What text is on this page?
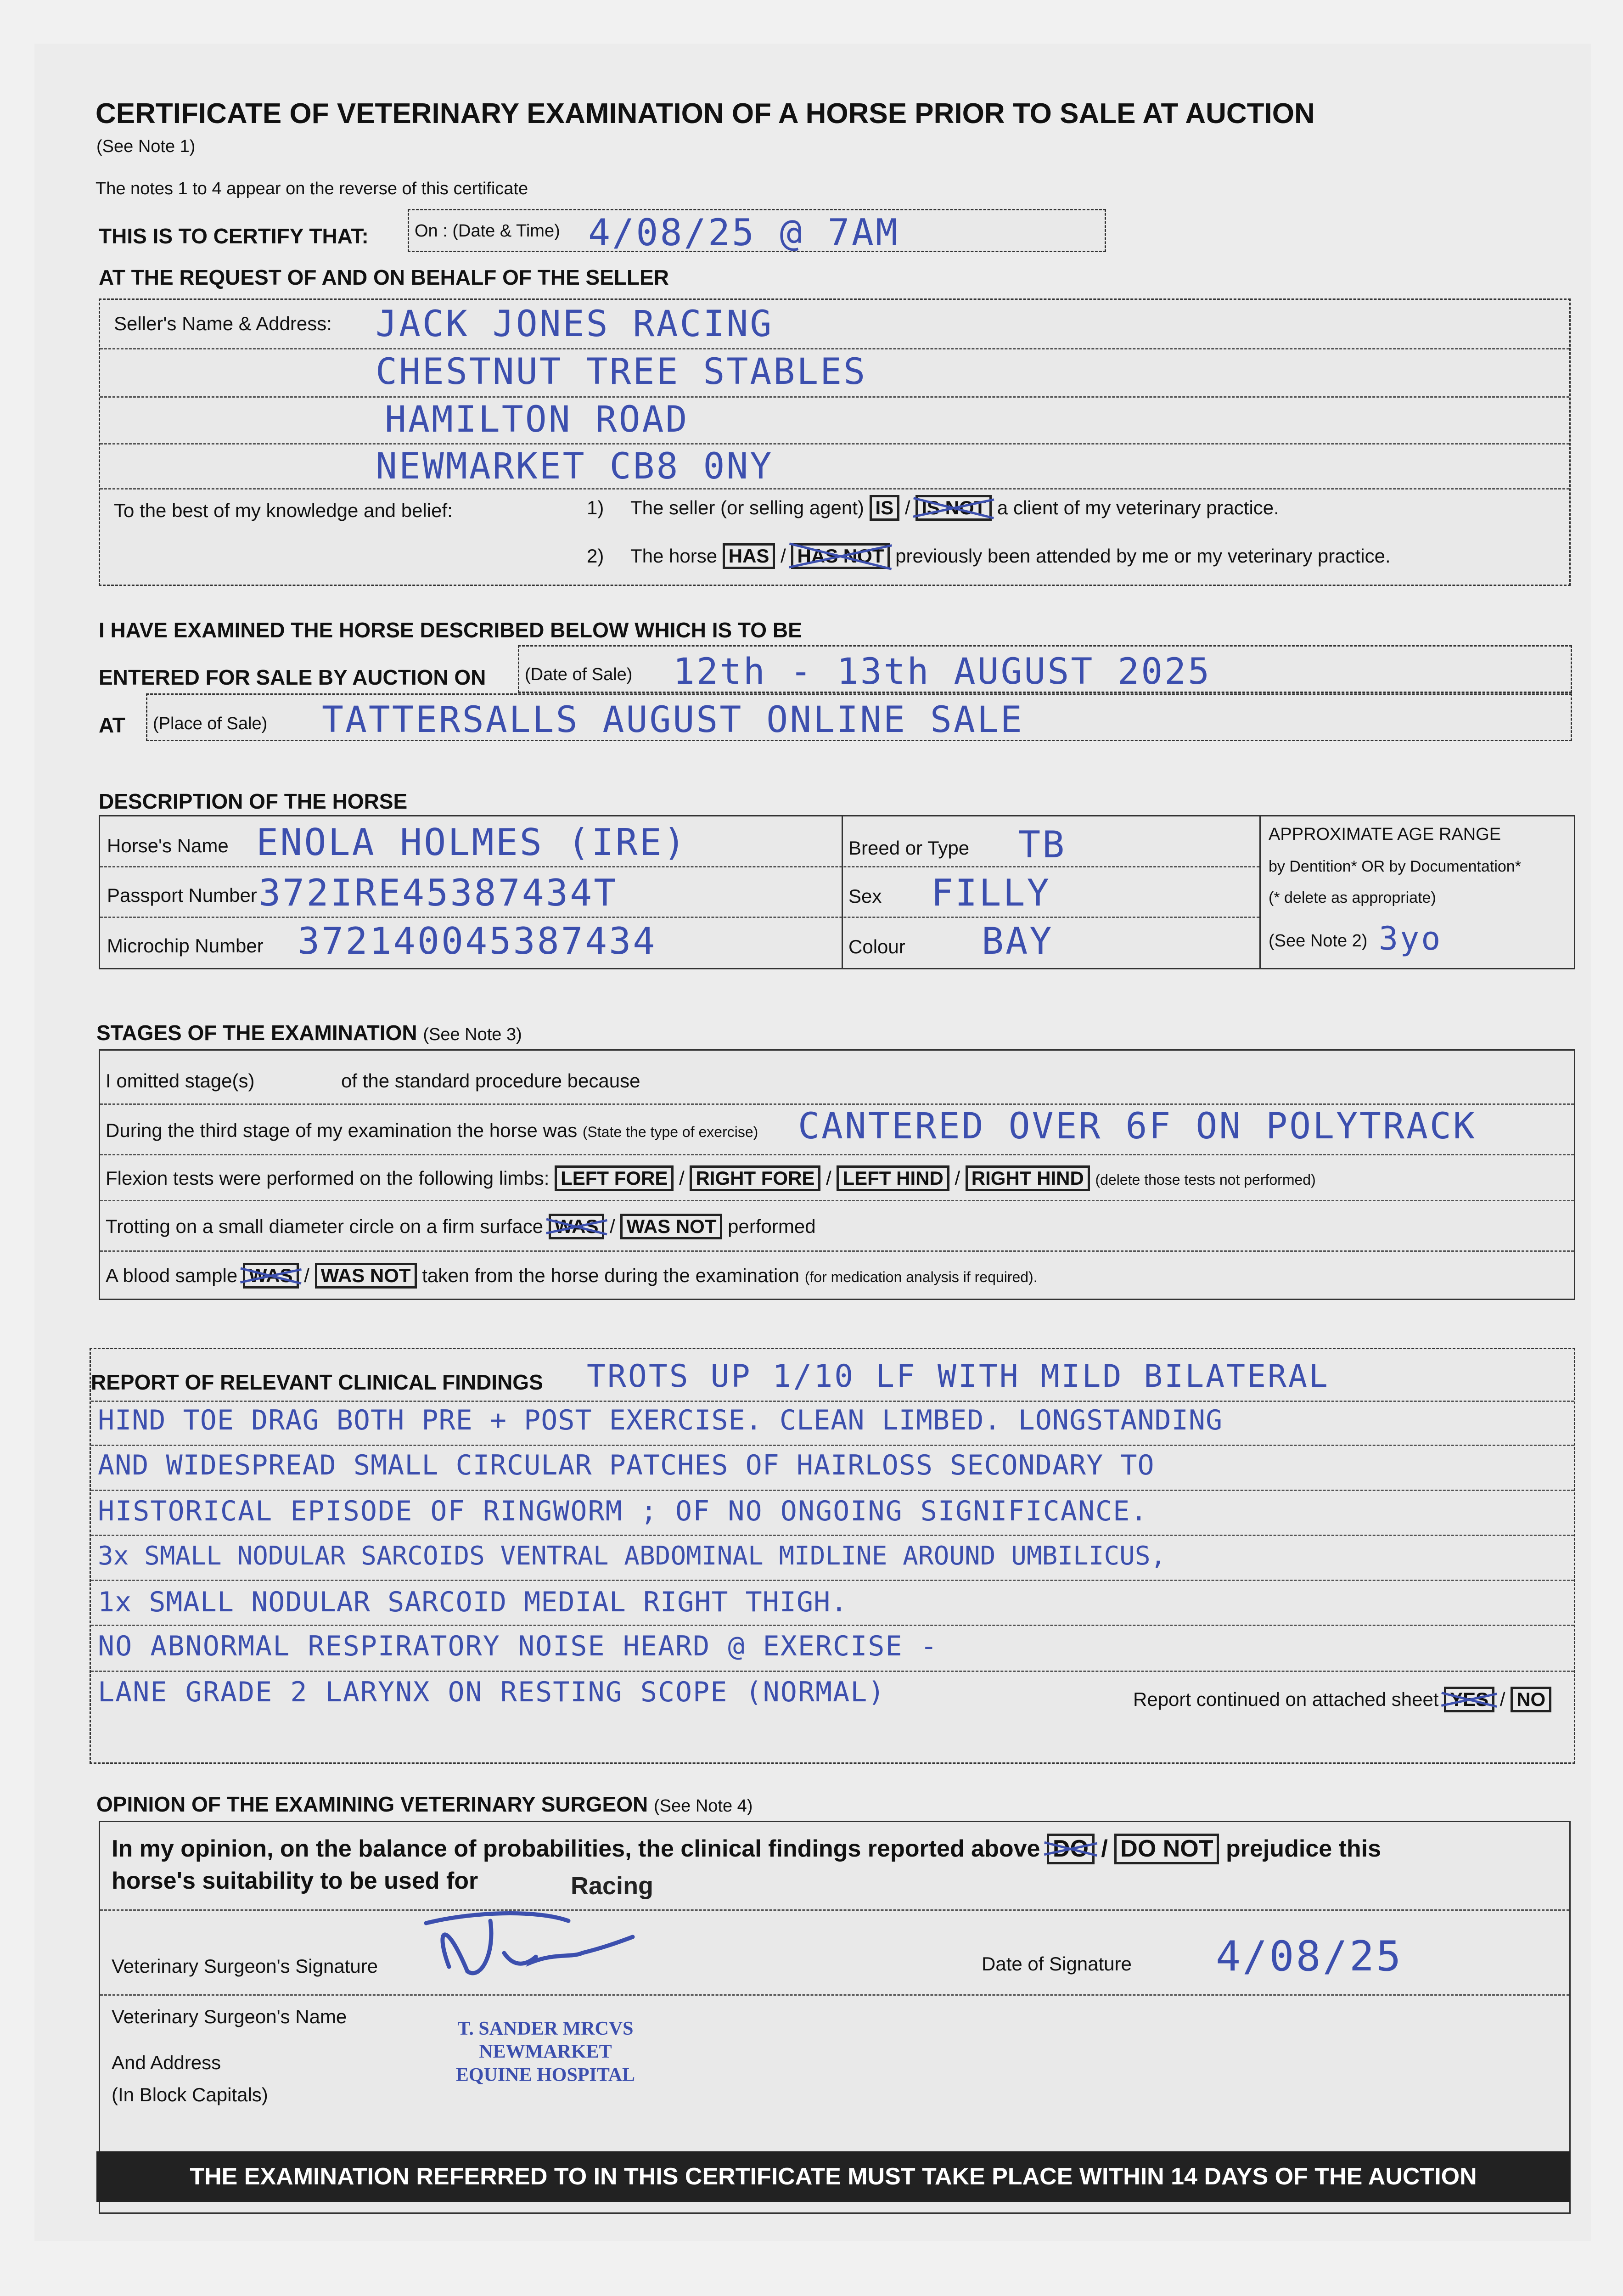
CERTIFICATE OF VETERINARY EXAMINATION OF A HORSE PRIOR TO SALE AT AUCTION
(See Note 1)
The notes 1 to 4 appear on the reverse of this certificate
THIS IS TO CERTIFY THAT:	On : (Date & Time) 4/08/25 @ 7AM
AT THE REQUEST OF AND ON BEHALF OF THE SELLER
Seller's Name & Address: JACK JONES RACING
CHESTNUT TREE STABLES
HAMILTON ROAD
NEWMARKET CB8 0NY
To the best of my knowledge and belief:	1) The seller (or selling agent) IS / IS NOT a client of my veterinary practice.
2) The horse HAS / HAS NOT previously been attended by me or my veterinary practice.
I HAVE EXAMINED THE HORSE DESCRIBED BELOW WHICH IS TO BE
ENTERED FOR SALE BY AUCTION ON (Date of Sale) 12th - 13th AUGUST 2025
AT (Place of Sale) TATTERSALLS AUGUST ONLINE SALE
DESCRIPTION OF THE HORSE
Horse's Name ENOLA HOLMES (IRE)
Passport Number 372IRE45387434T
Microchip Number 372140045387434
Breed or Type TB
Sex FILLY
Colour BAY
APPROXIMATE AGE RANGE
by Dentition* OR by Documentation*
(* delete as appropriate)
(See Note 2) 3yo
STAGES OF THE EXAMINATION (See Note 3)
I omitted stage(s)	of the standard procedure because
During the third stage of my examination the horse was (State the type of exercise) CANTERED OVER 6F ON POLYTRACK
Flexion tests were performed on the following limbs: LEFT FORE / RIGHT FORE / LEFT HIND / RIGHT HIND (delete those tests not performed)
Trotting on a small diameter circle on a firm surface WAS / WAS NOT performed
A blood sample WAS / WAS NOT taken from the horse during the examination (for medication analysis if required).
REPORT OF RELEVANT CLINICAL FINDINGS TROTS UP 1/10 LF WITH MILD BILATERAL
HIND TOE DRAG BOTH PRE + POST EXERCISE. CLEAN LIMBED. LONGSTANDING
AND WIDESPREAD SMALL CIRCULAR PATCHES OF HAIRLOSS SECONDARY TO
HISTORICAL EPISODE OF RINGWORM ; OF NO ONGOING SIGNIFICANCE.
3x SMALL NODULAR SARCOIDS VENTRAL ABDOMINAL MIDLINE AROUND UMBILICUS,
1x SMALL NODULAR SARCOID MEDIAL RIGHT THIGH.
NO ABNORMAL RESPIRATORY NOISE HEARD @ EXERCISE -
LANE GRADE 2 LARYNX ON RESTING SCOPE (NORMAL)	Report continued on attached sheet YES / NO
OPINION OF THE EXAMINING VETERINARY SURGEON (See Note 4)
In my opinion, on the balance of probabilities, the clinical findings reported above DO / DO NOT prejudice this
horse's suitability to be used for	Racing
Veterinary Surgeon's Signature	Date of Signature 4/08/25
Veterinary Surgeon's Name
And Address
(In Block Capitals)
T. SANDER MRCVS
NEWMARKET
EQUINE HOSPITAL
THE EXAMINATION REFERRED TO IN THIS CERTIFICATE MUST TAKE PLACE WITHIN 14 DAYS OF THE AUCTION
